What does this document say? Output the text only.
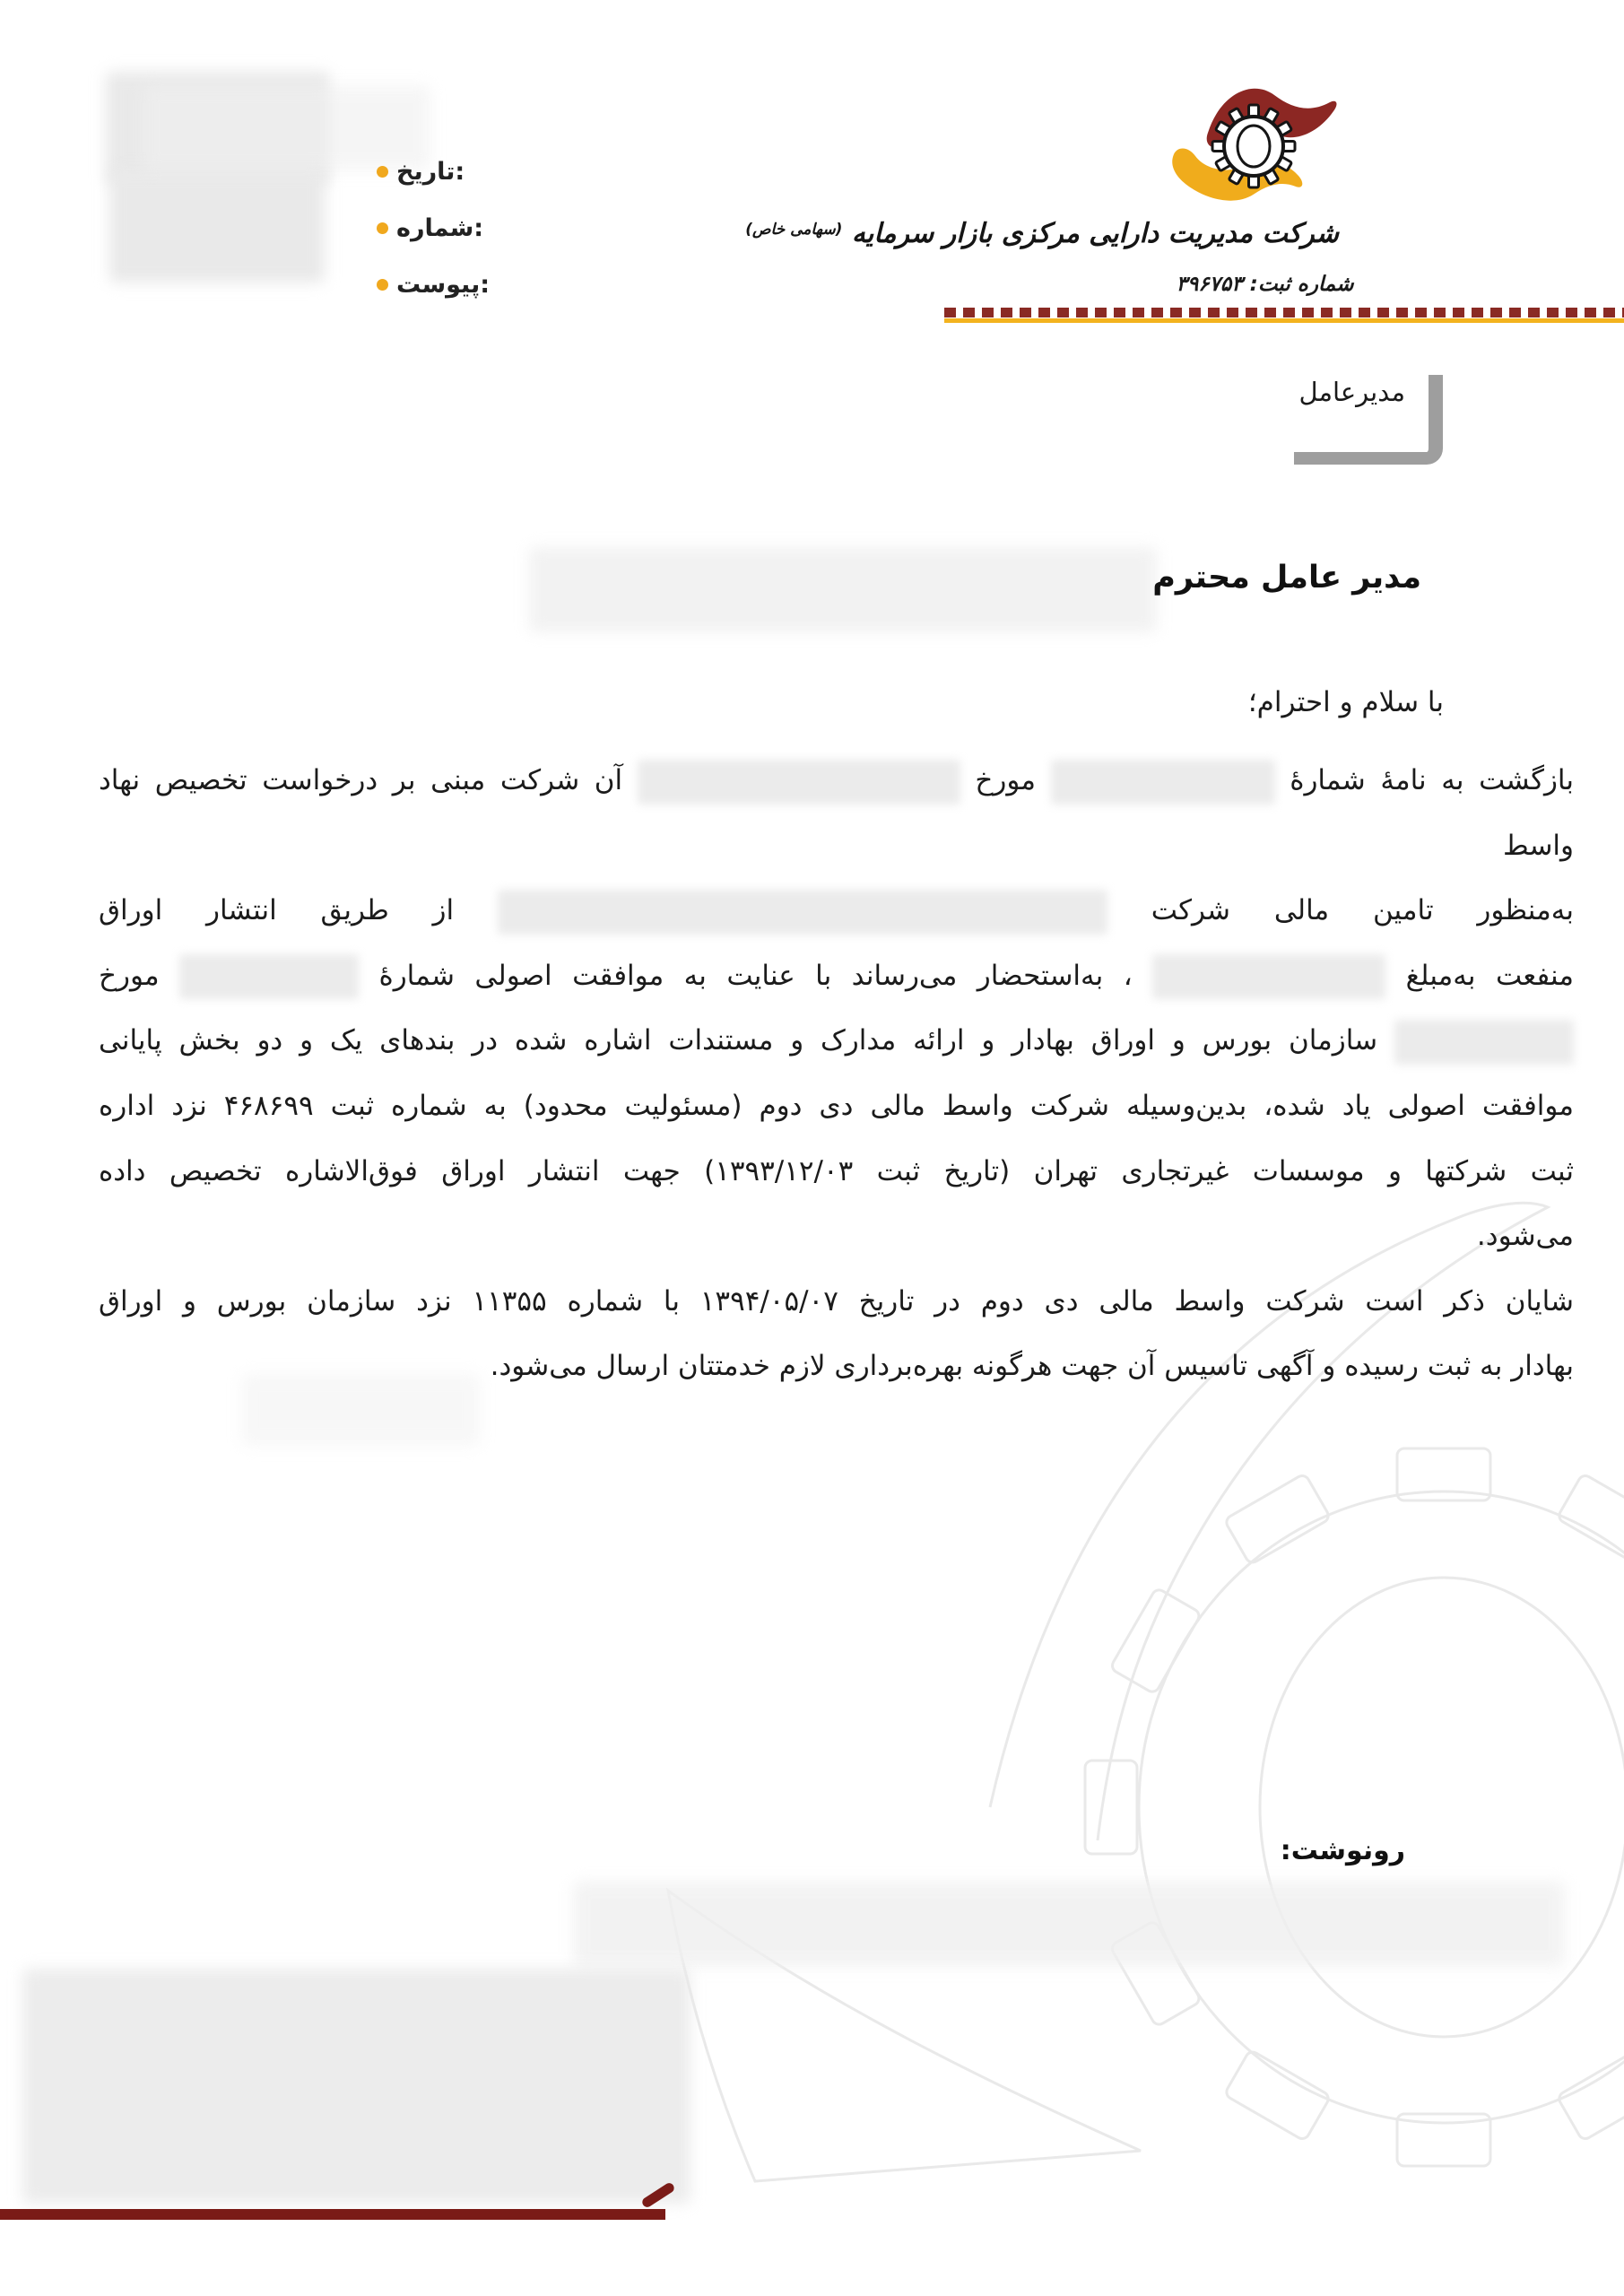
تاریخ:
شماره:
پیوست:
شرکت مدیریت دارایی مرکزی بازار سرمایه $^{(سهامی خاص)}$
شماره ثبت: ۳۹۶۷۵۳
مدیرعامل
مدیر عامل محترم
با سلام و احترام؛
بازگشت به نامۀ شمارۀ  مورخ  آن شرکت مبنی بر درخواست تخصیص نهاد واسط
به‌منظور تامین مالی شرکت  از طریق انتشار اوراق
منفعت به‌مبلغ  ، به‌استحضار می‌رساند با عنایت به موافقت اصولی شمارۀ  مورخ
سازمان بورس و اوراق بهادار و ارائه مدارک و مستندات اشاره شده در بندهای یک و دو بخش پایانی
موافقت اصولی یاد شده، بدین‌وسیله شرکت واسط مالی دی دوم (مسئولیت محدود) به شماره ثبت ۴۶۸۶۹۹ نزد اداره
ثبت شرکتها و موسسات غیرتجاری تهران (تاریخ ثبت ۱۳۹۳/۱۲/۰۳) جهت انتشار اوراق فوق‌الاشاره تخصیص داده
می‌شود.
شایان ذکر است شرکت واسط مالی دی دوم در تاریخ ۱۳۹۴/۰۵/۰۷ با شماره ۱۱۳۵۵ نزد سازمان بورس و اوراق
بهادار به ثبت رسیده و آگهی تاسیس آن جهت هرگونه بهره‌برداری لازم خدمتتان ارسال می‌شود.
رونوشت:
